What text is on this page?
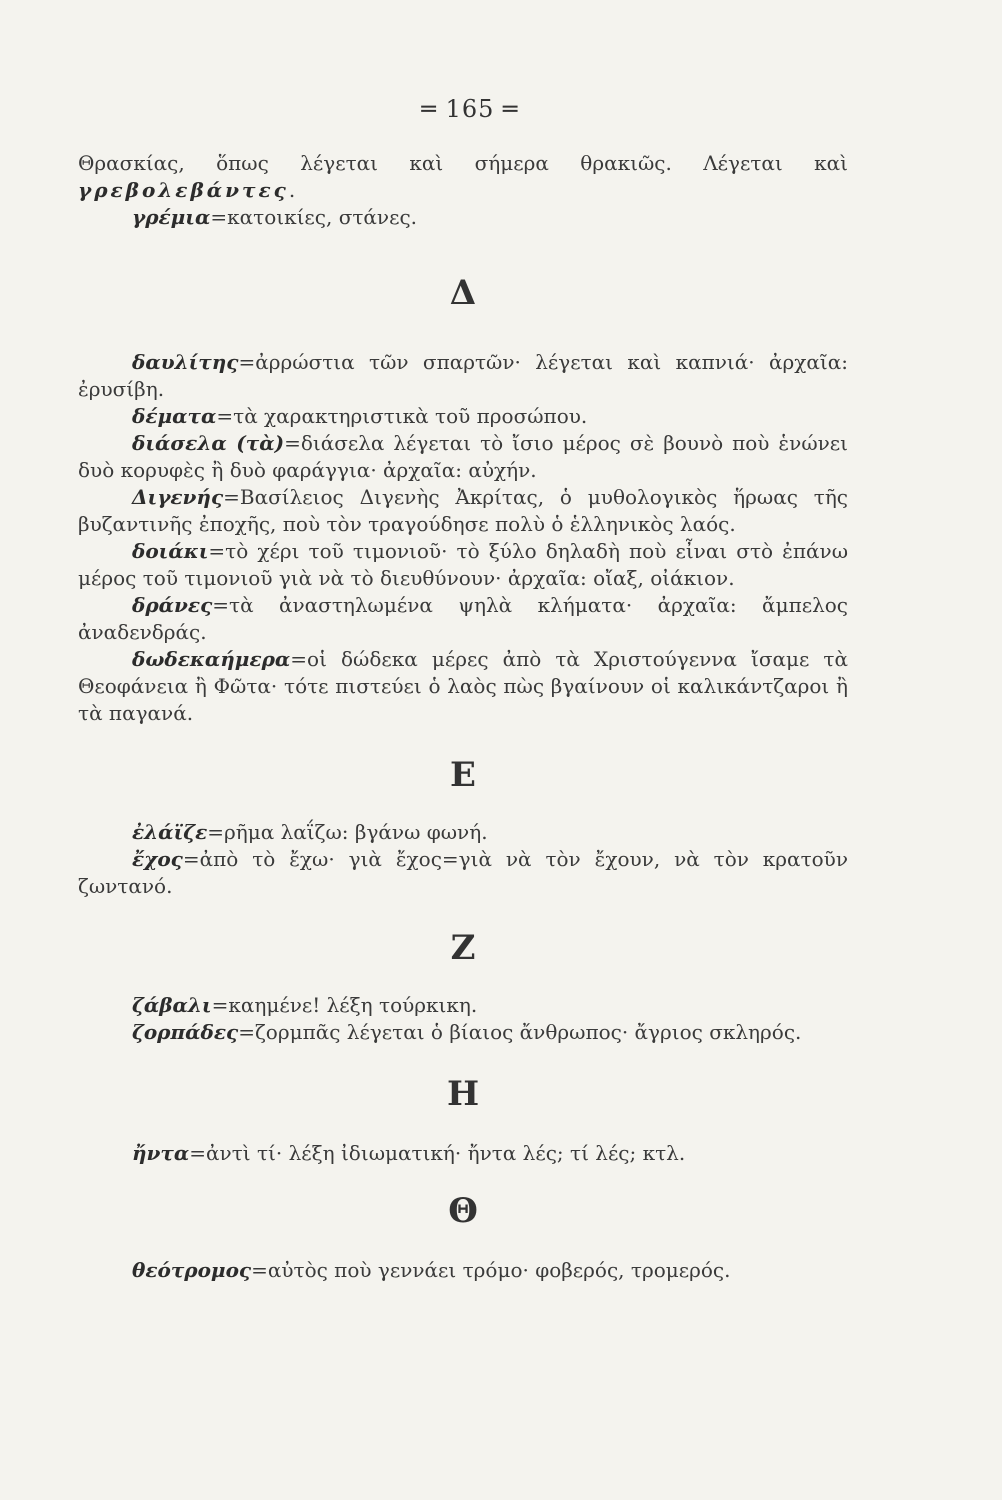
═ 165 ═

Θρασκίας, ὅπως λέγεται καὶ σήμερα θρακιῶς. Λέγεται καὶ γρεβολεβάντες.

γρέμια=κατοικίες, στάνες.

Δ

δαυλίτης=ἀρρώστια τῶν σπαρτῶν· λέγεται καὶ καπνιά· ἀρχαῖα: ἐρυσίβη.

δέματα=τὰ χαρακτηριστικὰ τοῦ προσώπου.

διάσελα (τὰ)=διάσελα λέγεται τὸ ἴσιο μέρος σὲ βουνὸ ποὺ ἑνώνει δυὸ κορυφὲς ἢ δυὸ φαράγγια· ἀρχαῖα: αὐχήν.

Διγενής=Βασίλειος Διγενὴς Ἀκρίτας, ὁ μυθολογικὸς ἥρωας τῆς βυζαντινῆς ἐποχῆς, ποὺ τὸν τραγούδησε πολὺ ὁ ἑλληνικὸς λαός.

δοιάκι=τὸ χέρι τοῦ τιμονιοῦ· τὸ ξύλο δηλαδὴ ποὺ εἶναι στὸ ἐπάνω μέρος τοῦ τιμονιοῦ γιὰ νὰ τὸ διευθύνουν· ἀρχαῖα: οἴαξ, οἰάκιον.

δράνες=τὰ ἀναστηλωμένα ψηλὰ κλήματα· ἀρχαῖα: ἄμπελος ἀναδενδράς.

δωδεκαήμερα=οἱ δώδεκα μέρες ἀπὸ τὰ Χριστούγεννα ἴσαμε τὰ Θεοφάνεια ἢ Φῶτα· τότε πιστεύει ὁ λαὸς πὼς βγαίνουν οἱ καλικάντζαροι ἢ τὰ παγανά.

Ε

ἐλάϊζε=ρῆμα λαΐζω: βγάνω φωνή.

ἔχος=ἀπὸ τὸ ἔχω· γιὰ ἔχος=γιὰ νὰ τὸν ἔχουν, νὰ τὸν κρατοῦν ζωντανό.

Ζ

ζάβαλι=καημένε! λέξη τούρκικη.

ζορπάδες=ζορμπᾶς λέγεται ὁ βίαιος ἄνθρωπος· ἄγριος σκληρός.

Η

ἤντα=ἀντὶ τί· λέξη ἰδιωματική· ἤντα λές; τί λές; κτλ.

Θ

θεότρομος=αὐτὸς ποὺ γεννάει τρόμο· φοβερός, τρομερός.
